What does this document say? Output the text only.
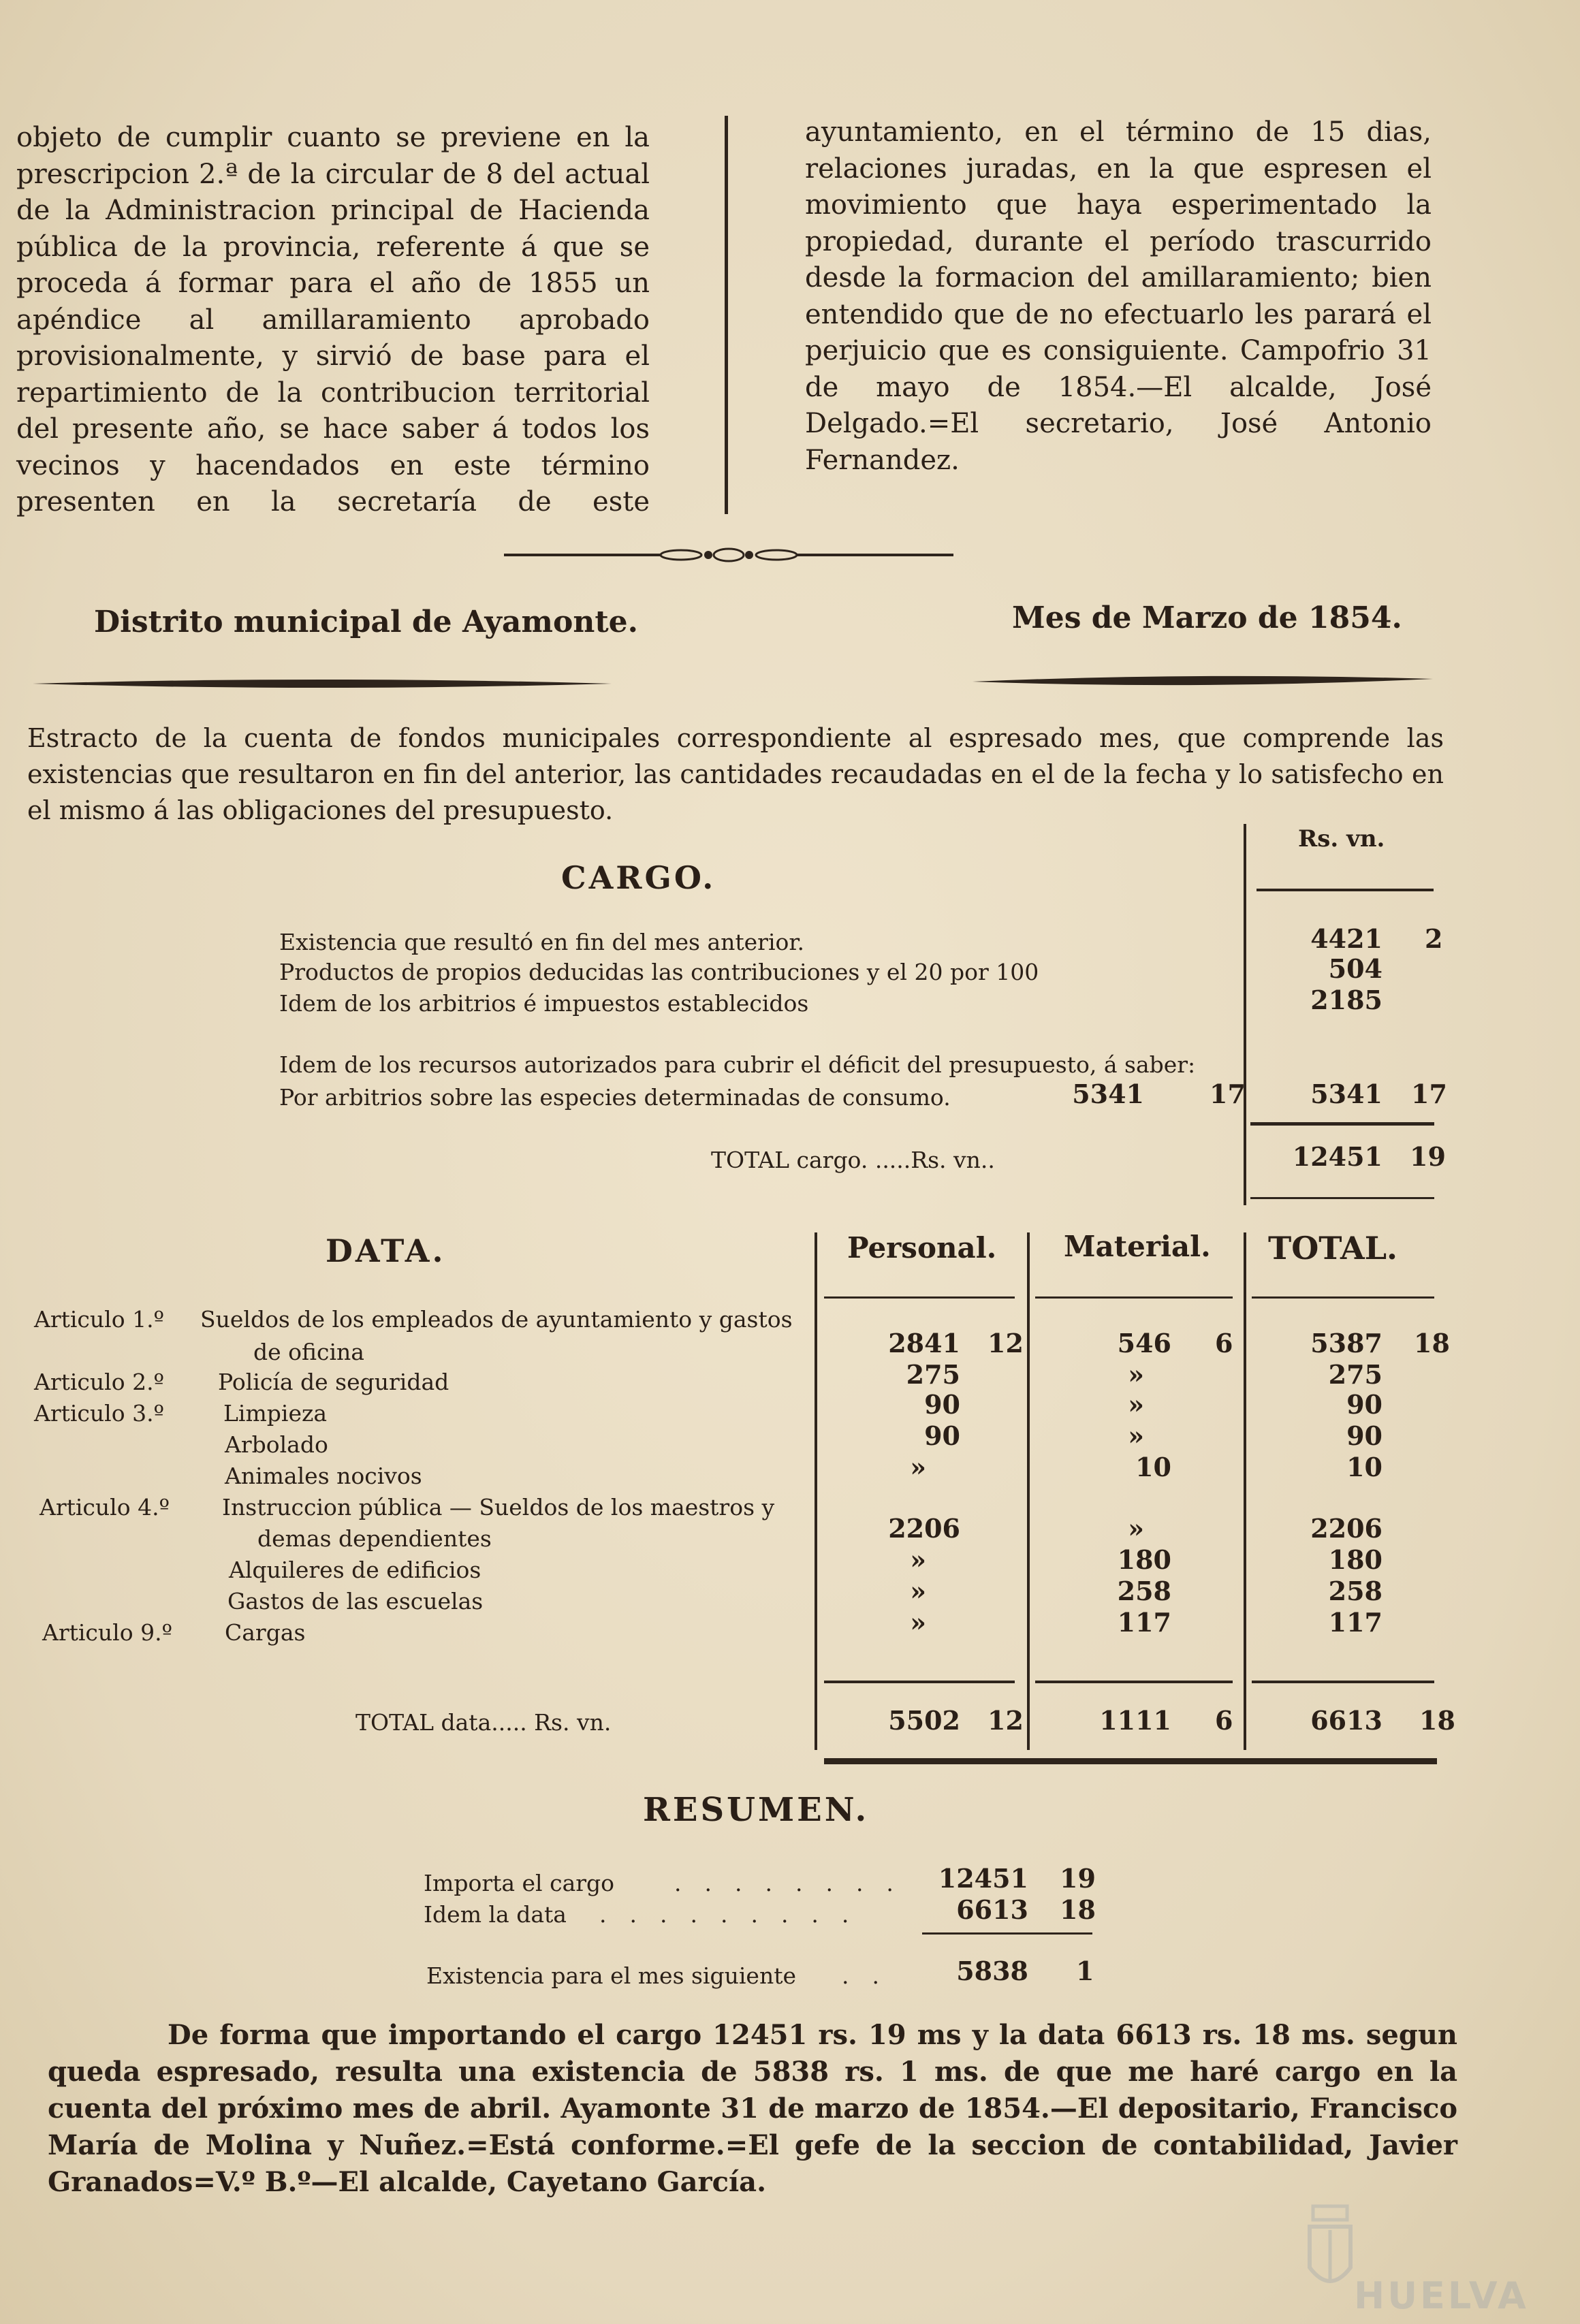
objeto de cumplir cuanto se previene en la prescripcion 2.ª de la circular de 8 del actual de la Administracion principal de Hacienda pública de la provincia, referente á que se proceda á formar para el año de 1855 un apéndice al amillaramiento aprobado provisionalmente, y sirvió de base para el repartimiento de la contribucion territorial del presente año, se hace saber á todos los vecinos y hacendados en este término presenten en la secretaría de este

ayuntamiento, en el término de 15 dias, relaciones juradas, en la que espresen el movimiento que haya esperimentado la propiedad, durante el período trascurrido desde la formacion del amillaramiento; bien entendido que de no efectuarlo les parará el perjuicio que es consiguiente. Campofrio 31 de mayo de 1854.—El alcalde, José Delgado.=El secretario, José Antonio Fernandez.

Distrito municipal de Ayamonte.	Mes de Marzo de 1854.
Estracto de la cuenta de fondos municipales correspondiente al espresado mes, que comprende las existencias que resultaron en fin del anterior, las cantidades recaudadas en el de la fecha y lo satisfecho en el mismo á las obligaciones del presupuesto.
Rs. vn.
CARGO.
Existencia que resultó en fin del mes anterior.	4421 2
Productos de propios deducidas las contribuciones y el 20 por 100	504
Idem de los arbitrios é impuestos establecidos	2185
Idem de los recursos autorizados para cubrir el déficit del presupuesto, á saber:
Por arbitrios sobre las especies determinadas de consumo.	5341	17	5341 17
TOTAL cargo. .....Rs. vn..	12451 19
DATA.	Personal. Material. TOTAL.
Articulo 1.º Sueldos de los empleados de ayuntamiento y gastos
de oficina	2841 12	546 6	5387 18
Articulo 2.º Policía de seguridad	275	»	275
Articulo 3.º	Limpieza	90	»	90
Arbolado	90	»	90
Animales nocivos	»	10	10
Articulo 4.º Instruccion pública — Sueldos de los maestros y
demas dependientes	2206	»	2206
Alquileres de edificios	»	180	180
Gastos de las escuelas	»	258	258
Articulo 9.º Cargas	»	117	117
TOTAL data..... Rs. vn.	5502 12	1111 6	6613 18
RESUMEN.
Importa el cargo	........ 12451 19
Idem la data .........	6613 18
Existencia para el mes siguiente ..	5838 1
De forma que importando el cargo 12451 rs. 19 ms y la data 6613 rs. 18 ms. segun queda espresado, resulta una existencia de 5838 rs. 1 ms. de que me haré cargo en la cuenta del próximo mes de abril. Ayamonte 31 de marzo de 1854.—El depositario, Francisco María de Molina y Nuñez.=Está conforme.=El gefe de la seccion de contabilidad, Javier Granados=V.º B.º—El alcalde, Cayetano García.
HUELVA
